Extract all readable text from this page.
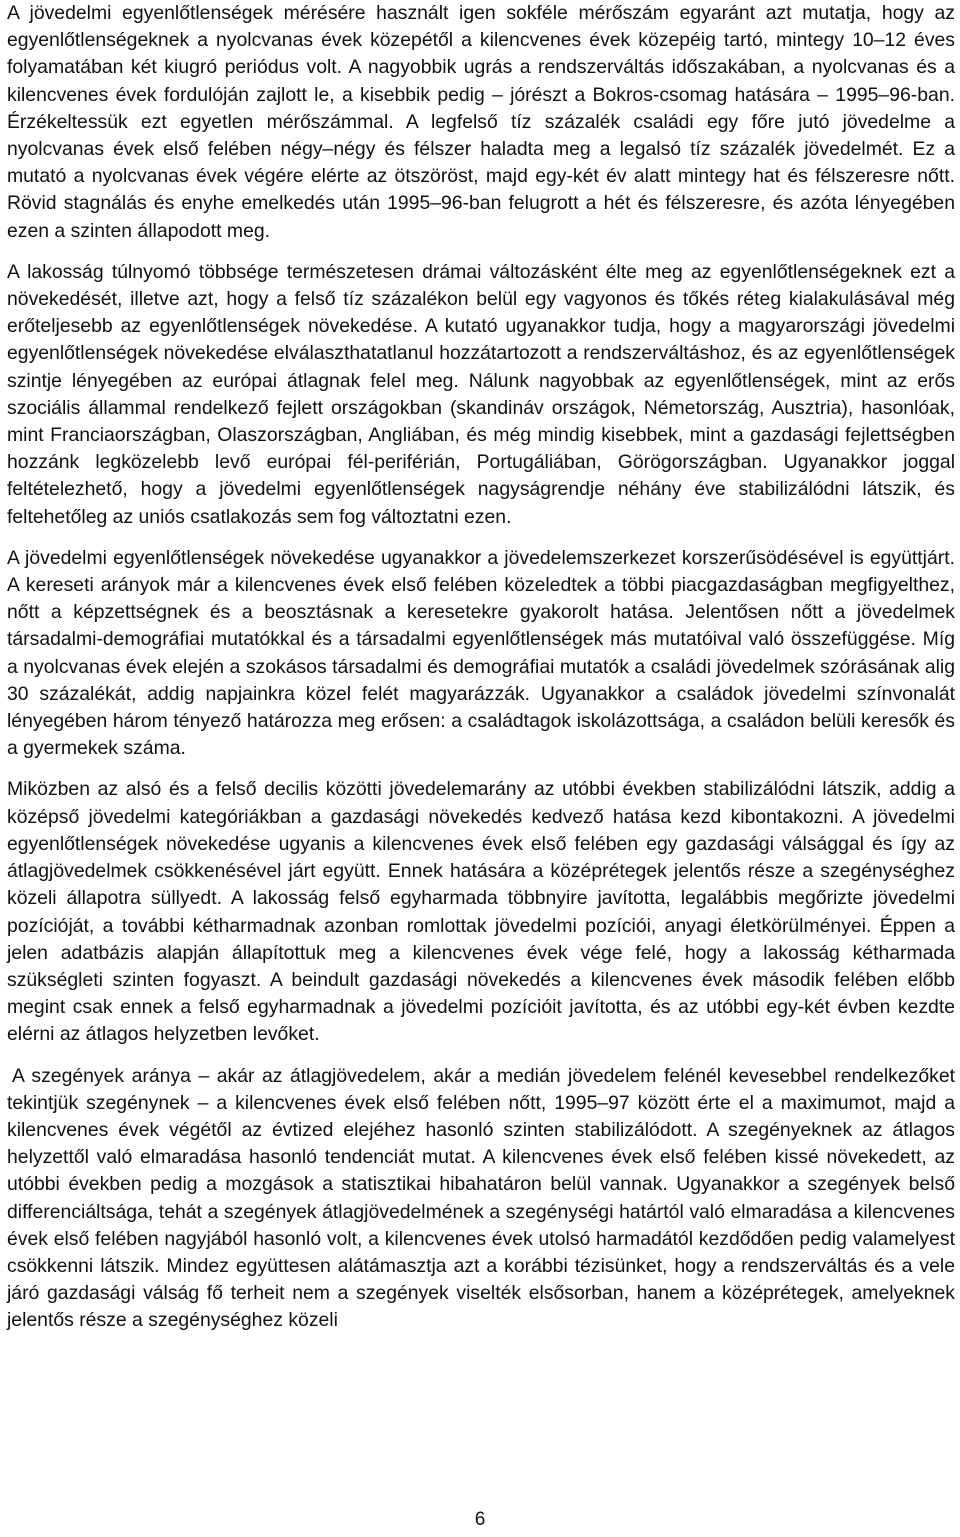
A jövedelmi egyenlőtlenségek mérésére használt igen sokféle mérőszám egyaránt azt mutatja, hogy az egyenlőtlenségeknek a nyolcvanas évek közepétől a kilencvenes évek közepéig tartó, mintegy 10–12 éves folyamatában két kiugró periódus volt. A nagyobbik ugrás a rendszerváltás időszakában, a nyolcvanas és a kilencvenes évek fordulóján zajlott le, a kisebbik pedig – jórészt a Bokros-csomag hatására – 1995–96-ban. Érzékeltessük ezt egyetlen mérőszámmal. A legfelső tíz százalék családi egy főre jutó jövedelme a nyolcvanas évek első felében négy–négy és félszer haladta meg a legalsó tíz százalék jövedelmét. Ez a mutató a nyolcvanas évek végére elérte az ötszöröst, majd egy-két év alatt mintegy hat és félszeresre nőtt. Rövid stagnálás és enyhe emelkedés után 1995–96-ban felugrott a hét és félszeresre, és azóta lényegében ezen a szinten állapodott meg.

A lakosság túlnyomó többsége természetesen drámai változásként élte meg az egyenlőtlenségeknek ezt a növekedését, illetve azt, hogy a felső tíz százalékon belül egy vagyonos és tőkés réteg kialakulásával még erőteljesebb az egyenlőtlenségek növekedése. A kutató ugyanakkor tudja, hogy a magyarországi jövedelmi egyenlőtlenségek növekedése elválaszthatatlanul hozzátartozott a rendszerváltáshoz, és az egyenlőtlenségek szintje lényegében az európai átlagnak felel meg. Nálunk nagyobbak az egyenlőtlenségek, mint az erős szociális állammal rendelkező fejlett országokban (skandináv országok, Németország, Ausztria), hasonlóak, mint Franciaországban, Olaszországban, Angliában, és még mindig kisebbek, mint a gazdasági fejlettségben hozzánk legközelebb levő európai fél-periférián, Portugáliában, Görögországban. Ugyanakkor joggal feltételezhető, hogy a jövedelmi egyenlőtlenségek nagyságrendje néhány éve stabilizálódni látszik, és feltehetőleg az uniós csatlakozás sem fog változtatni ezen.

A jövedelmi egyenlőtlenségek növekedése ugyanakkor a jövedelemszerkezet korszerűsödésével is együttjárt. A kereseti arányok már a kilencvenes évek első felében közeledtek a többi piacgazdaságban megfigyelthez, nőtt a képzettségnek és a beosztásnak a keresetekre gyakorolt hatása. Jelentősen nőtt a jövedelmek társadalmi-demográfiai mutatókkal és a társadalmi egyenlőtlenségek más mutatóival való összefüggése. Míg a nyolcvanas évek elején a szokásos társadalmi és demográfiai mutatók a családi jövedelmek szórásának alig 30 százalékát, addig napjainkra közel felét magyarázzák. Ugyanakkor a családok jövedelmi színvonalát lényegében három tényező határozza meg erősen: a családtagok iskolázottsága, a családon belüli keresők és a gyermekek száma.

Miközben az alsó és a felső decilis közötti jövedelemarány az utóbbi években stabilizálódni látszik, addig a középső jövedelmi kategóriákban a gazdasági növekedés kedvező hatása kezd kibontakozni. A jövedelmi egyenlőtlenségek növekedése ugyanis a kilencvenes évek első felében egy gazdasági válsággal és így az átlagjövedelmek csökkenésével járt együtt. Ennek hatására a középrétegek jelentős része a szegénységhez közeli állapotra süllyedt. A lakosság felső egyharmada többnyire javította, legalábbis megőrizte jövedelmi pozícióját, a további kétharmadnak azonban romlottak jövedelmi pozíciói, anyagi életkörülményei. Éppen a jelen adatbázis alapján állapítottuk meg a kilencvenes évek vége felé, hogy a lakosság kétharmada szükségleti szinten fogyaszt. A beindult gazdasági növekedés a kilencvenes évek második felében előbb megint csak ennek a felső egyharmadnak a jövedelmi pozícióit javította, és az utóbbi egy-két évben kezdte elérni az átlagos helyzetben levőket.

A szegények aránya – akár az átlagjövedelem, akár a medián jövedelem felénél kevesebbel rendelkezőket tekintjük szegénynek – a kilencvenes évek első felében nőtt, 1995–97 között érte el a maximumot, majd a kilencvenes évek végétől az évtized elejéhez hasonló szinten stabilizálódott. A szegényeknek az átlagos helyzettől való elmaradása hasonló tendenciát mutat. A kilencvenes évek első felében kissé növekedett, az utóbbi években pedig a mozgások a statisztikai hibahatáron belül vannak. Ugyanakkor a szegények belső differenciáltsága, tehát a szegények átlagjövedelmének a szegénységi határtól való elmaradása a kilencvenes évek első felében nagyjából hasonló volt, a kilencvenes évek utolsó harmadától kezdődően pedig valamelyest csökkenni látszik. Mindez együttesen alátámasztja azt a korábbi tézisünket, hogy a rendszerváltás és a vele járó gazdasági válság fő terheit nem a szegények viselték elsősorban, hanem a középrétegek, amelyeknek jelentős része a szegénységhez közeli

6
